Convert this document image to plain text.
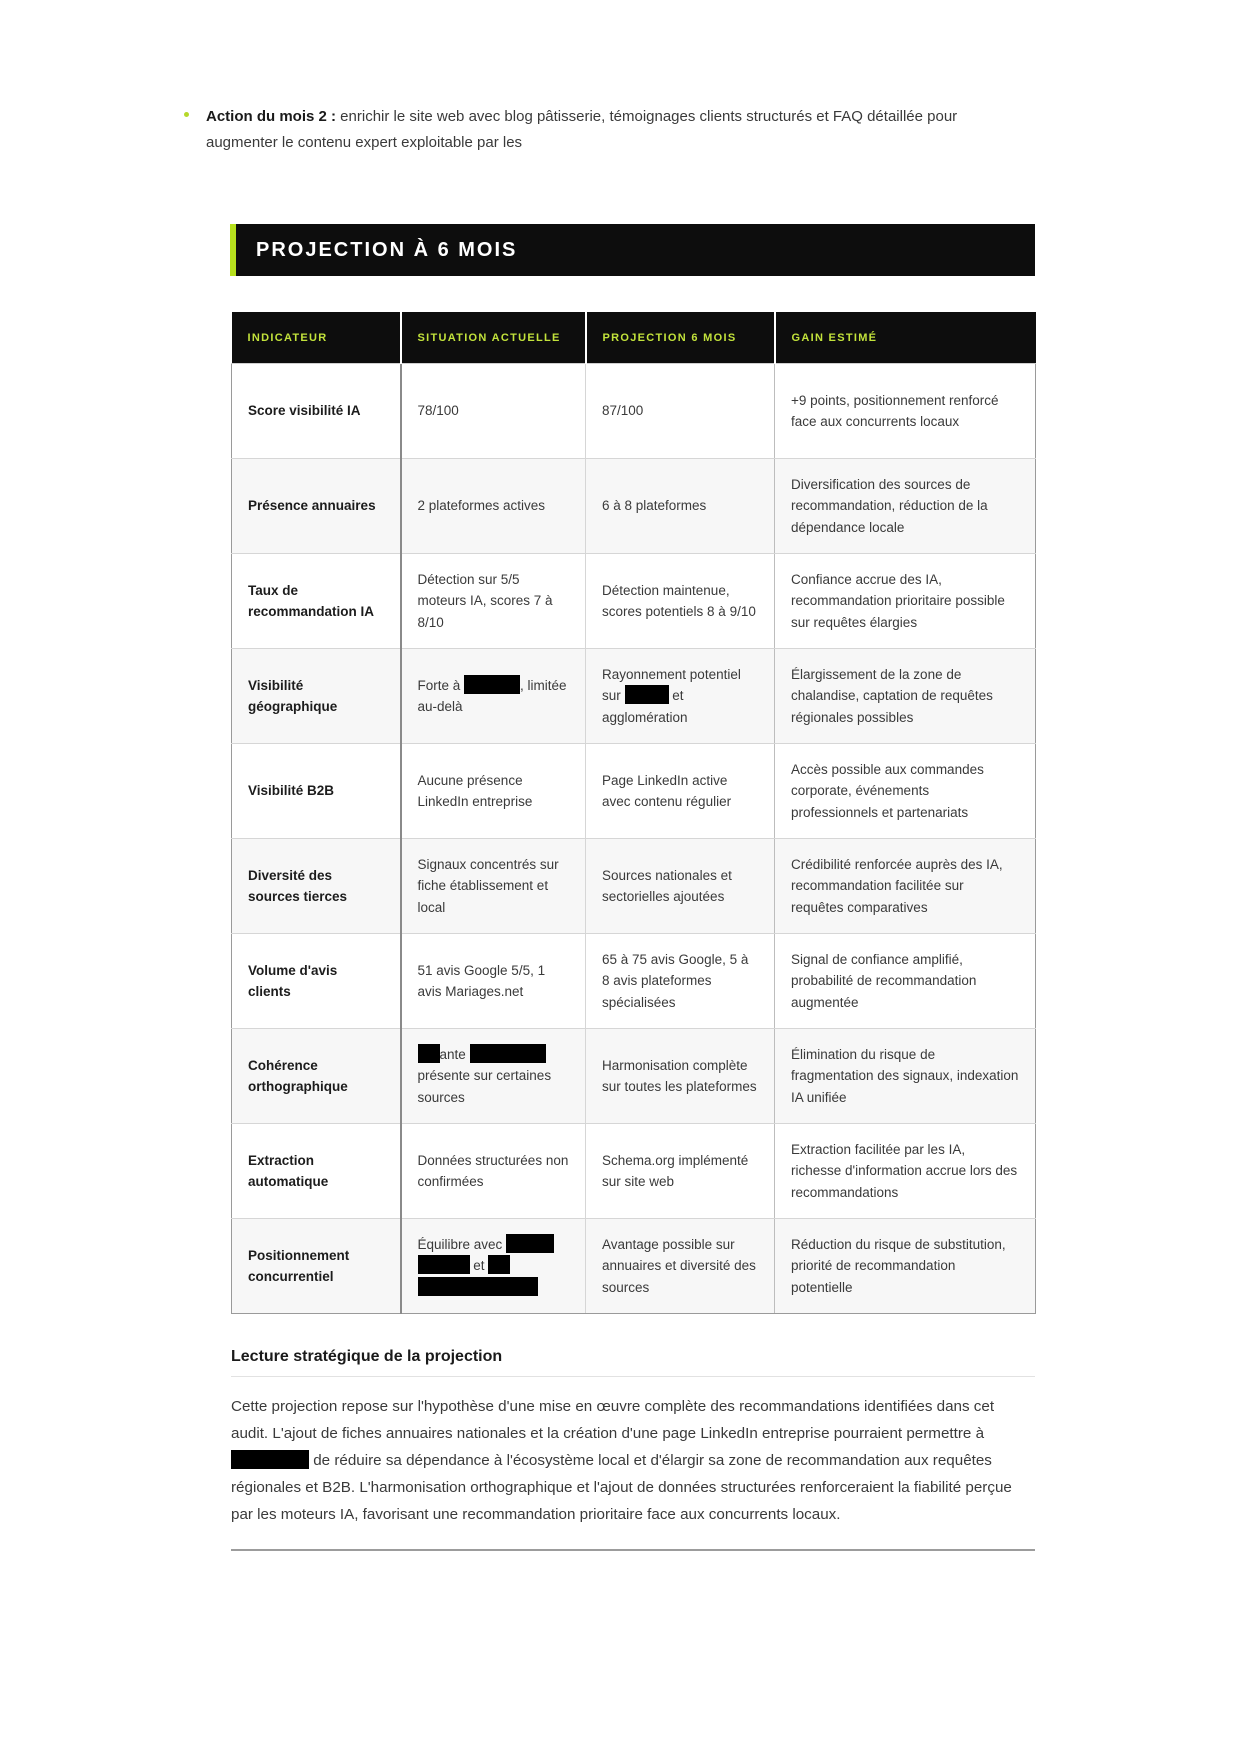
Action du mois 2 : enrichir le site web avec blog pâtisserie, témoignages clients structurés et FAQ détaillée pour augmenter le contenu expert exploitable par les

PROJECTION À 6 MOIS
INDICATEUR	SITUATION ACTUELLE	PROJECTION 6 MOIS	GAIN ESTIMÉ
Score visibilité IA	78/100	87/100	+9 points, positionnement renforcé face aux concurrents locaux
Présence annuaires	2 plateformes actives	6 à 8 plateformes	Diversification des sources de recommandation, réduction de la dépendance locale
Taux de recommandation IA	Détection sur 5/5 moteurs IA, scores 7 à 8/10	Détection maintenue, scores potentiels 8 à 9/10	Confiance accrue des IA, recommandation prioritaire possible sur requêtes élargies
Visibilité géographique	Forte à , limitée au-delà	Rayonnement potentiel sur et agglomération	Élargissement de la zone de chalandise, captation de requêtes régionales possibles
Visibilité B2B	Aucune présence LinkedIn entreprise	Page LinkedIn active avec contenu régulier	Accès possible aux commandes corporate, événements professionnels et partenariats
Diversité des sources tierces	Signaux concentrés sur fiche établissement et local	Sources nationales et sectorielles ajoutées	Crédibilité renforcée auprès des IA, recommandation facilitée sur requêtes comparatives
Volume d'avis clients	51 avis Google 5/5, 1 avis Mariages.net	65 à 75 avis Google, 5 à 8 avis plateformes spécialisées	Signal de confiance amplifié, probabilité de recommandation augmentée
Cohérence orthographique	ante  présente sur certaines sources	Harmonisation complète sur toutes les plateformes	Élimination du risque de fragmentation des signaux, indexation IA unifiée
Extraction automatique	Données structurées non confirmées	Schema.org implémenté sur site web	Extraction facilitée par les IA, richesse d'information accrue lors des recommandations
Positionnement concurrentiel	Équilibre avec   et	Avantage possible sur annuaires et diversité des sources	Réduction du risque de substitution, priorité de recommandation potentielle
Lecture stratégique de la projection

Cette projection repose sur l'hypothèse d'une mise en œuvre complète des recommandations identifiées dans cet audit. L'ajout de fiches annuaires nationales et la création d'une page LinkedIn entreprise pourraient permettre à  de réduire sa dépendance à l'écosystème local et d'élargir sa zone de recommandation aux requêtes régionales et B2B. L'harmonisation orthographique et l'ajout de données structurées renforceraient la fiabilité perçue par les moteurs IA, favorisant une recommandation prioritaire face aux concurrents locaux.
